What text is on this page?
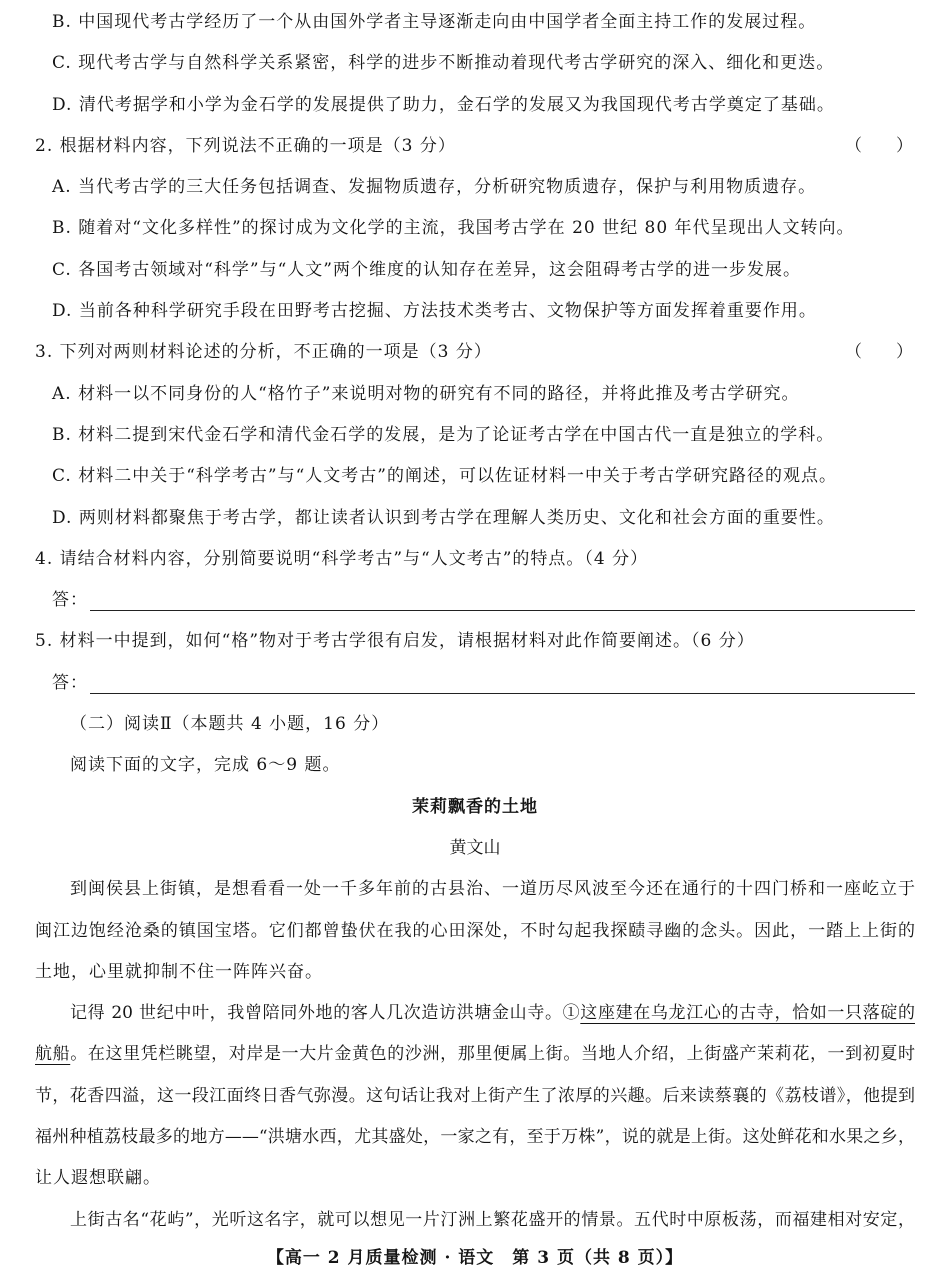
B. 中国现代考古学经历了一个从由国外学者主导逐渐走向由中国学者全面主持工作的发展过程。
C. 现代考古学与自然科学关系紧密，科学的进步不断推动着现代考古学研究的深入、细化和更迭。
D. 清代考据学和小学为金石学的发展提供了助力，金石学的发展又为我国现代考古学奠定了基础。
2. 根据材料内容，下列说法不正确的一项是（3 分）	（　　）
A. 当代考古学的三大任务包括调查、发掘物质遗存，分析研究物质遗存，保护与利用物质遗存。
B. 随着对“文化多样性”的探讨成为文化学的主流，我国考古学在 20 世纪 80 年代呈现出人文转向。
C. 各国考古领域对“科学”与“人文”两个维度的认知存在差异，这会阻碍考古学的进一步发展。
D. 当前各种科学研究手段在田野考古挖掘、方法技术类考古、文物保护等方面发挥着重要作用。
3. 下列对两则材料论述的分析，不正确的一项是（3 分）	（　　）
A. 材料一以不同身份的人“格竹子”来说明对物的研究有不同的路径，并将此推及考古学研究。
B. 材料二提到宋代金石学和清代金石学的发展，是为了论证考古学在中国古代一直是独立的学科。
C. 材料二中关于“科学考古”与“人文考古”的阐述，可以佐证材料一中关于考古学研究路径的观点。
D. 两则材料都聚焦于考古学，都让读者认识到考古学在理解人类历史、文化和社会方面的重要性。
4. 请结合材料内容，分别简要说明“科学考古”与“人文考古”的特点。（4 分）
答：
5. 材料一中提到，如何“格”物对于考古学很有启发，请根据材料对此作简要阐述。（6 分）
答：
（二）阅读Ⅱ（本题共 4 小题，16 分）
阅读下面的文字，完成 6～9 题。
茉莉飘香的土地
黄文山
到闽侯县上街镇，是想看看一处一千多年前的古县治、一道历尽风波至今还在通行的十四门桥和一座屹立于
闽江边饱经沧桑的镇国宝塔。它们都曾蛰伏在我的心田深处，不时勾起我探赜寻幽的念头。因此，一踏上上街的
土地，心里就抑制不住一阵阵兴奋。
记得 20 世纪中叶，我曾陪同外地的客人几次造访洪塘金山寺。①这座建在乌龙江心的古寺，恰如一只落碇的
航船。在这里凭栏眺望，对岸是一大片金黄色的沙洲，那里便属上街。当地人介绍，上街盛产茉莉花，一到初夏时
节，花香四溢，这一段江面终日香气弥漫。这句话让我对上街产生了浓厚的兴趣。后来读蔡襄的《荔枝谱》，他提到
福州种植荔枝最多的地方——“洪塘水西，尤其盛处，一家之有，至于万株”，说的就是上街。这处鲜花和水果之乡，
让人遐想联翩。
上街古名“花屿”，光听这名字，就可以想见一片汀洲上繁花盛开的情景。五代时中原板荡，而福建相对安定，
【高一 2 月质量检测 · 语文　第 3 页（共 8 页）】
